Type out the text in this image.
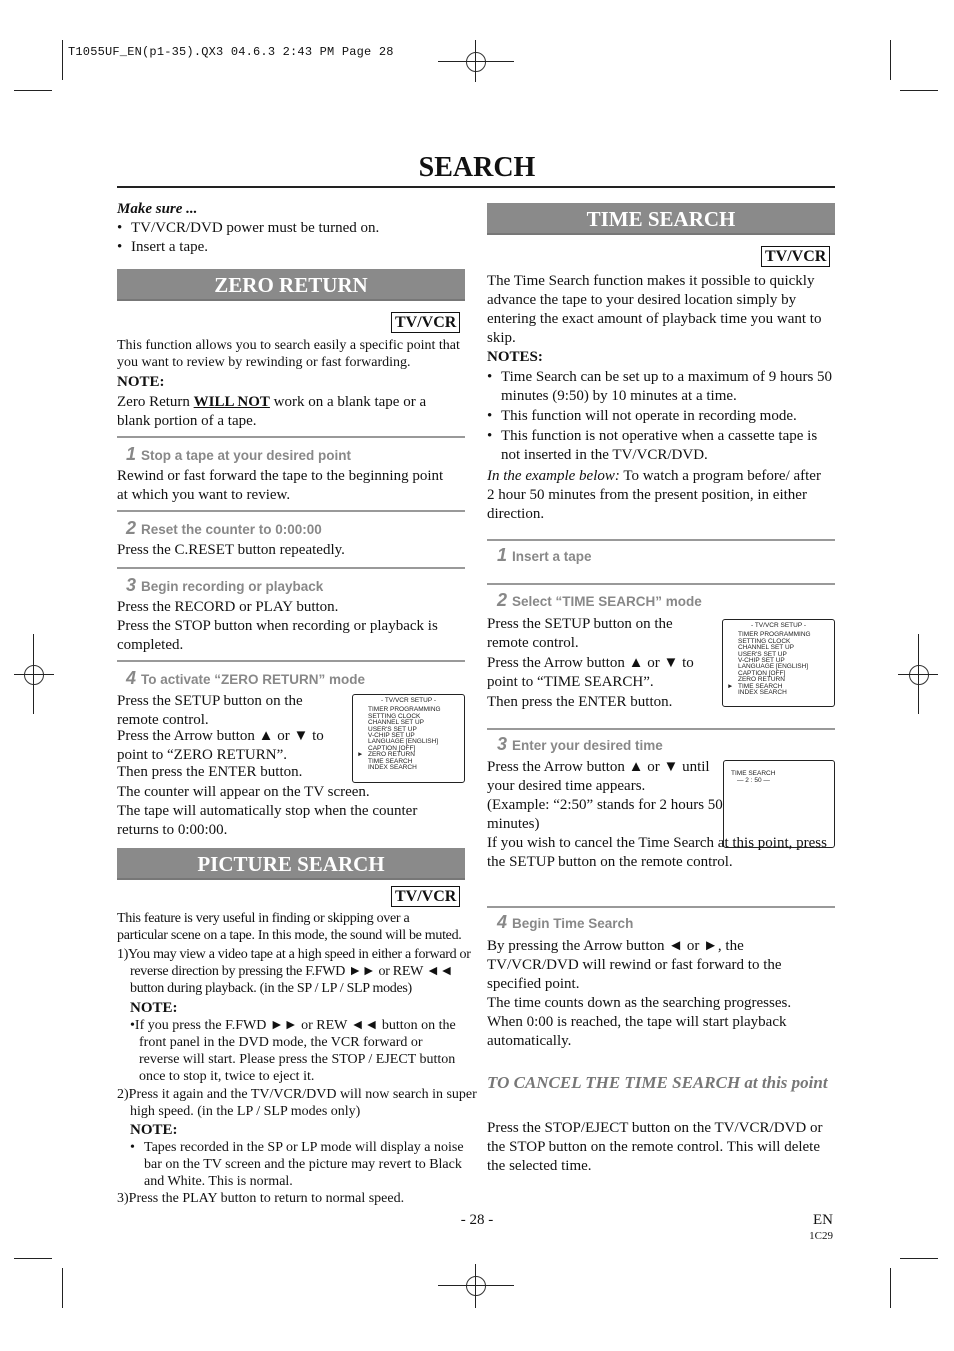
T1055UF_EN(p1-35).QX3 04.6.3 2:43 PM Page 28
SEARCH
Make sure ...
• TV/VCR/DVD power must be turned on.
• Insert a tape.
ZERO RETURN
TV/VCR
This function allows you to search easily a specific point that you want to review by rewinding or fast forwarding.
NOTE:
Zero Return WILL NOT work on a blank tape or a blank portion of a tape.
1 Stop a tape at your desired point
Rewind or fast forward the tape to the beginning point at which you want to review.
2 Reset the counter to 0:00:00
Press the C.RESET button repeatedly.
3 Begin recording or playback
Press the RECORD or PLAY button.
Press the STOP button when recording or playback is completed.
4 To activate “ZERO RETURN” mode
Press the SETUP button on the remote control.
Press the Arrow button ▲ or ▼ to point to “ZERO RETURN”.
Then press the ENTER button.
The counter will appear on the TV screen.
The tape will automatically stop when the counter returns to 0:00:00.
- TV/VCR SETUP -
TIMER PROGRAMMING
SETTING CLOCK
CHANNEL SET UP
USER'S SET UP
V-CHIP SET UP
LANGUAGE [ENGLISH]
CAPTION [OFF]
► ZERO RETURN
TIME SEARCH
INDEX SEARCH
PICTURE SEARCH
TV/VCR
This feature is very useful in finding or skipping over a particular scene on a tape. In this mode, the sound will be muted.
1)You may view a video tape at a high speed in either a forward or reverse direction by pressing the F.FWD ►► or REW ◄◄ button during playback. (in the SP / LP / SLP modes)
NOTE:
•If you press the F.FWD ►► or REW ◄◄ button on the front panel in the DVD mode, the VCR forward or reverse will start. Please press the STOP / EJECT button once to stop it, twice to eject it.
2)Press it again and the TV/VCR/DVD will now search in super high speed. (in the LP / SLP modes only)
NOTE:
• Tapes recorded in the SP or LP mode will display a noise bar on the TV screen and the picture may revert to Black and White. This is normal.
3)Press the PLAY button to return to normal speed.
TIME SEARCH
TV/VCR
The Time Search function makes it possible to quickly advance the tape to your desired location simply by entering the exact amount of playback time you want to skip.
NOTES:
• Time Search can be set up to a maximum of 9 hours 50 minutes (9:50) by 10 minutes at a time.
• This function will not operate in recording mode.
• This function is not operative when a cassette tape is not inserted in the TV/VCR/DVD.
In the example below: To watch a program before/ after 2 hour 50 minutes from the present position, in either direction.
1 Insert a tape
2 Select “TIME SEARCH” mode
Press the SETUP button on the remote control.
Press the Arrow button ▲ or ▼ to point to “TIME SEARCH”.
Then press the ENTER button.
- TV/VCR SETUP -
TIMER PROGRAMMING
SETTING CLOCK
CHANNEL SET UP
USER'S SET UP
V-CHIP SET UP
LANGUAGE [ENGLISH]
CAPTION [OFF]
ZERO RETURN
► TIME SEARCH
INDEX SEARCH
3 Enter your desired time
Press the Arrow button ▲ or ▼ until your desired time appears.
(Example: “2:50” stands for 2 hours 50 minutes)
If you wish to cancel the Time Search at this point, press the SETUP button on the remote control.
TIME SEARCH
— 2 : 50 —
4 Begin Time Search
By pressing the Arrow button ◄ or ►, the TV/VCR/DVD will rewind or fast forward to the specified point.
The time counts down as the searching progresses. When 0:00 is reached, the tape will start playback automatically.
TO CANCEL THE TIME SEARCH at this point
Press the STOP/EJECT button on the TV/VCR/DVD or the STOP button on the remote control. This will delete the selected time.
- 28 -	EN
1C29
